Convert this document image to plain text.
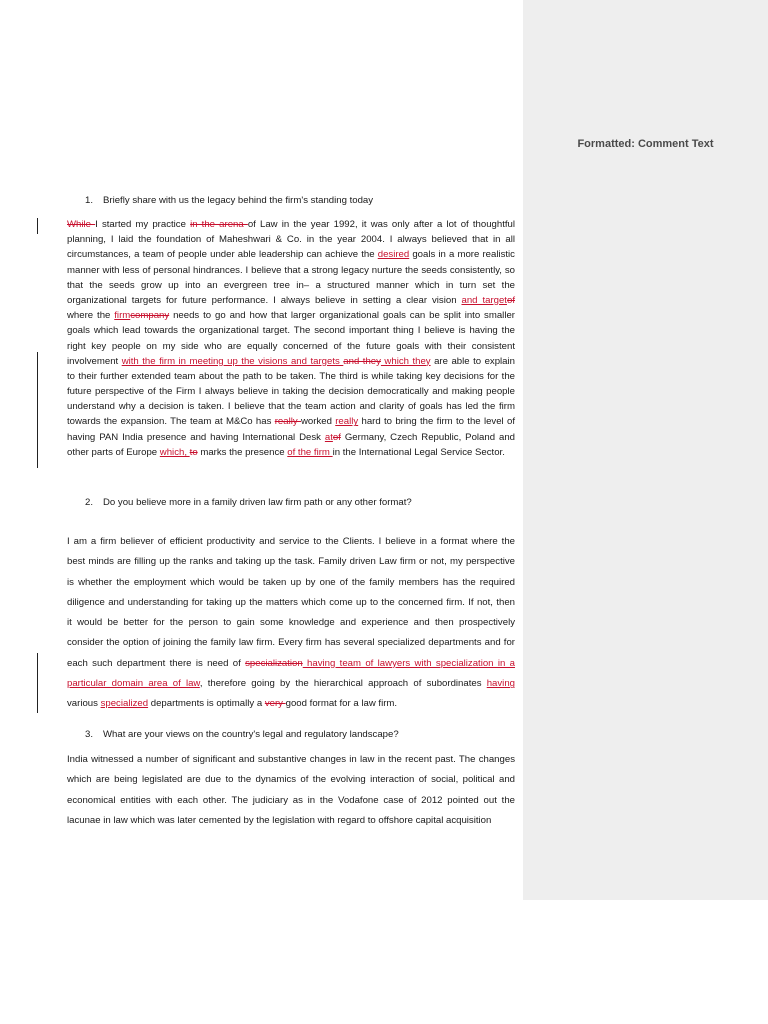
Formatted: Comment Text
1. Briefly share with us the legacy behind the firm's standing today
While I started my practice in the arena of Law in the year 1992, it was only after a lot of thoughtful
planning, I laid the foundation of Maheshwari & Co. in the year 2004. I always believed that in all
circumstances, a team of people under able leadership can achieve the desired goals in a more realistic
manner with less of personal hindrances. I believe that a strong legacy nurture the seeds consistently, so
that the seeds grow up into an evergreen tree in– a structured manner which in turn set the
organizational targets for future performance. I always believe in setting a clear vision and targetof
where the firmcompany needs to go and how that larger organizational goals can be split into smaller
goals which lead towards the organizational target. The second important thing I believe is having the
right key people on my side who are equally concerned of the future goals with their consistent
involvement with the firm in meeting up the visions and targets and they which they are able to explain
to their further extended team about the path to be taken. The third is while taking key decisions for the
future perspective of the Firm I always believe in taking the decision democratically and making people
understand why a decision is taken. I believe that the team action and clarity of goals has led the firm
towards the expansion. The team at M&Co has really worked really hard to bring the firm to the level of
having PAN India presence and having International Desk atof Germany, Czech Republic, Poland and
other parts of Europe which, to marks the presence of the firm in the International Legal Service Sector.
2. Do you believe more in a family driven law firm path or any other format?
I am a firm believer of efficient productivity and service to the Clients. I believe in a format where the
best minds are filling up the ranks and taking up the task. Family driven Law firm or not, my perspective
is whether the employment which would be taken up by one of the family members has the required
diligence and understanding for taking up the matters which come up to the concerned firm. If not, then
it would be better for the person to gain some knowledge and experience and then prospectively
consider the option of joining the family law firm. Every firm has several specialized departments and for
each such department there is need of specialization having team of lawyers with specialization in a
particular domain area of law, therefore going by the hierarchical approach of subordinates having
various specialized departments is optimally a very good format for a law firm.
3. What are your views on the country's legal and regulatory landscape?
India witnessed a number of significant and substantive changes in law in the recent past. The changes
which are being legislated are due to the dynamics of the evolving interaction of social, political and
economical entities with each other. The judiciary as in the Vodafone case of 2012 pointed out the
lacunae in law which was later cemented by the legislation with regard to offshore capital acquisition
